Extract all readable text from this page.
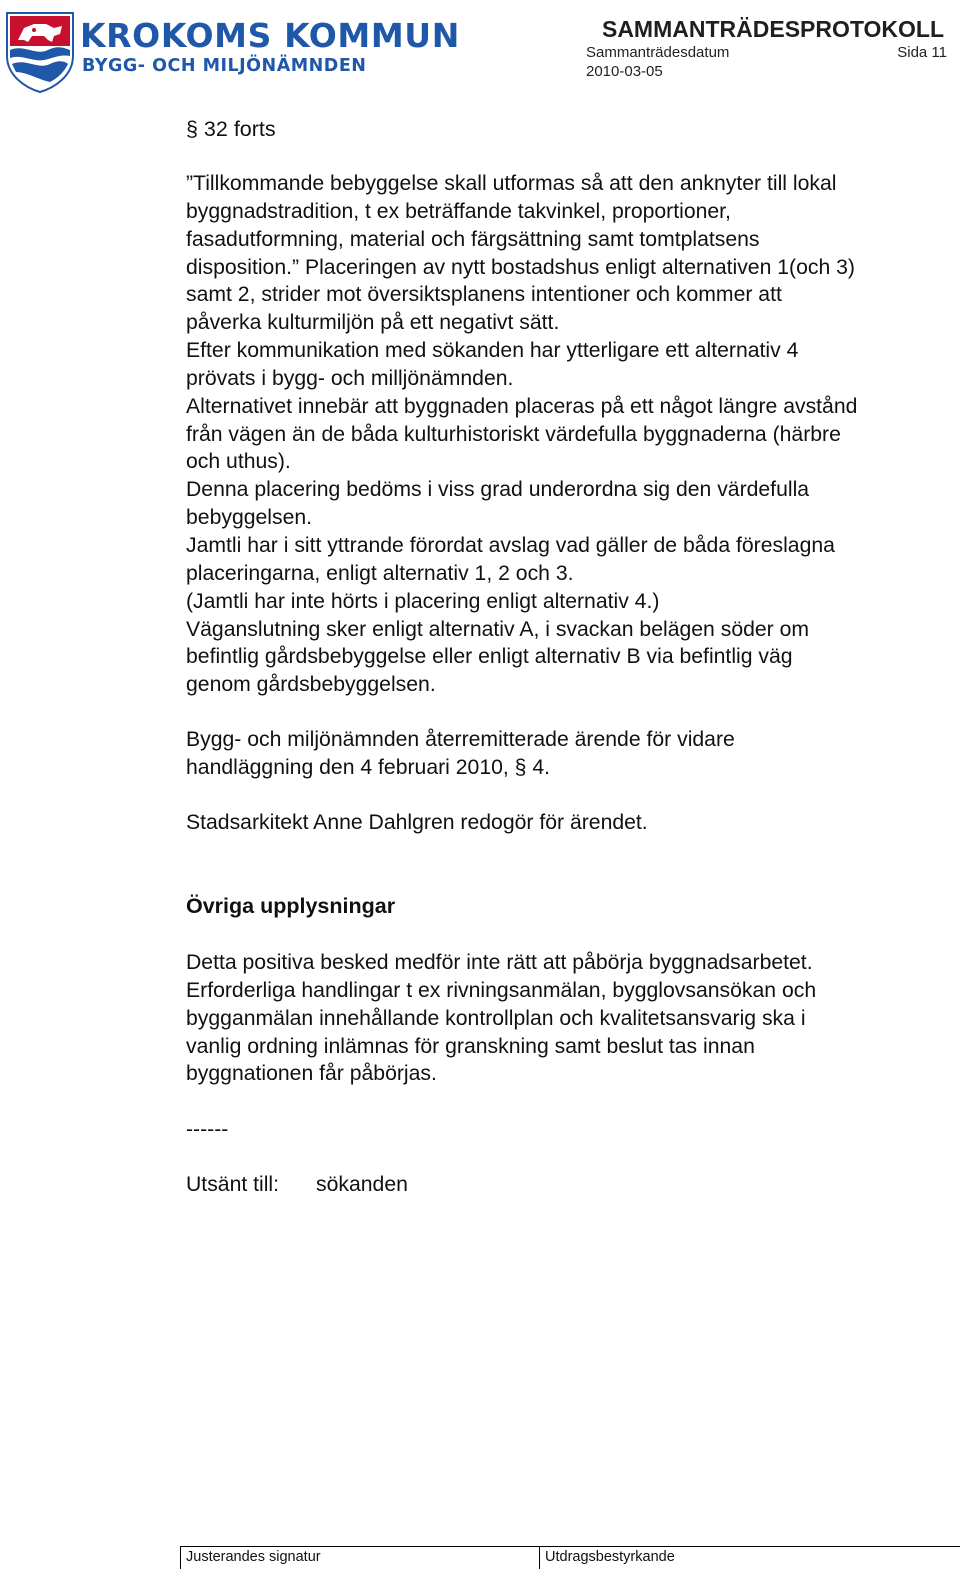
KROKOMS KOMMUN
BYGG- OCH MILJÖNÄMNDEN
SAMMANTRÄDESPROTOKOLL
Sammanträdesdatum	Sida 11
2010-03-05
§ 32 forts

”Tillkommande bebyggelse skall utformas så att den anknyter till lokal

byggnadstradition, t ex beträffande takvinkel, proportioner,

fasadutformning, material och färgsättning samt tomtplatsens

disposition.” Placeringen av nytt bostadshus enligt alternativen 1(och 3)

samt 2, strider mot översiktsplanens intentioner och kommer att

påverka kulturmiljön på ett negativt sätt.

Efter kommunikation med sökanden har ytterligare ett alternativ 4

prövats i bygg- och milljönämnden.

Alternativet innebär att byggnaden placeras på ett något längre avstånd

från vägen än de båda kulturhistoriskt värdefulla byggnaderna (härbre

och uthus).

Denna placering bedöms i viss grad underordna sig den värdefulla

bebyggelsen.

Jamtli har i sitt yttrande förordat avslag vad gäller de båda föreslagna

placeringarna, enligt alternativ 1, 2 och 3.

(Jamtli har inte hörts i placering enligt alternativ 4.)

Väganslutning sker enligt alternativ A, i svackan belägen söder om

befintlig gårdsbebyggelse eller enligt alternativ B via befintlig väg

genom gårdsbebyggelsen.

Bygg- och miljönämnden återremitterade ärende för vidare

handläggning den 4 februari 2010, § 4.

Stadsarkitekt Anne Dahlgren redogör för ärendet.

Övriga upplysningar

Detta positiva besked medför inte rätt att påbörja byggnadsarbetet.

Erforderliga handlingar t ex rivningsanmälan, bygglovsansökan och

bygganmälan innehållande kontrollplan och kvalitetsansvarig ska i

vanlig ordning inlämnas för granskning samt beslut tas innan

byggnationen får påbörjas.

------
Utsänt till: sökanden
Justerandes signatur	Utdragsbestyrkande
